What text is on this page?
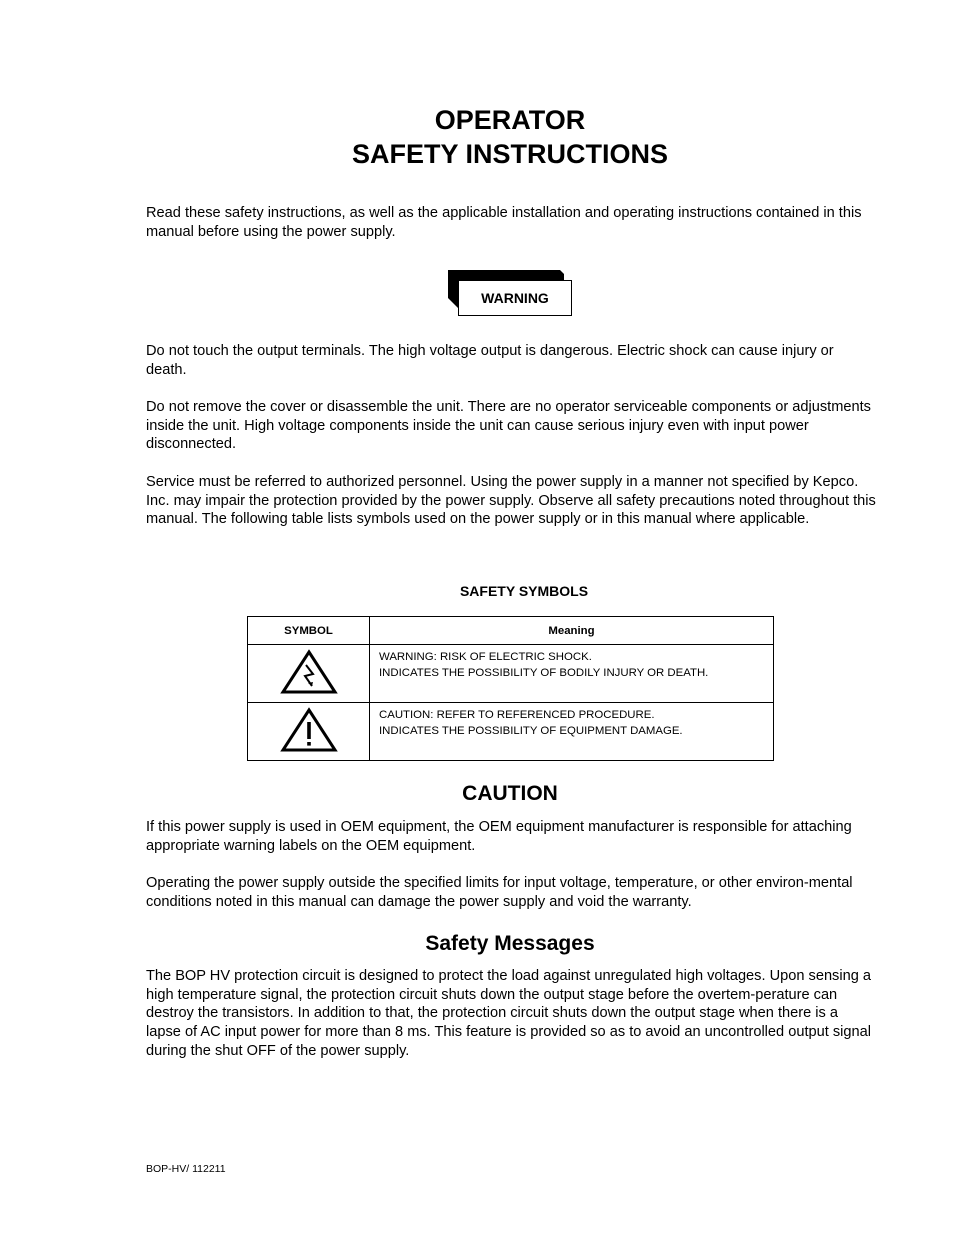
OPERATOR
SAFETY INSTRUCTIONS

Read these safety instructions, as well as the applicable installation and operating instructions contained in this manual before using the power supply.

WARNING

Do not touch the output terminals. The high voltage output is dangerous. Electric shock can cause injury or death.

Do not remove the cover or disassemble the unit. There are no operator serviceable components or adjustments inside the unit. High voltage components inside the unit can cause serious injury even with input power disconnected.

Service must be referred to authorized personnel. Using the power supply in a manner not specified by Kepco. Inc. may impair the protection provided by the power supply. Observe all safety precautions noted throughout this manual. The following table lists symbols used on the power supply or in this manual where applicable.

SAFETY SYMBOLS
SYMBOL	Meaning

WARNING: RISK OF ELECTRIC SHOCK.
INDICATES THE POSSIBILITY OF BODILY INJURY OR DEATH.

CAUTION: REFER TO REFERENCED PROCEDURE.
INDICATES THE POSSIBILITY OF EQUIPMENT DAMAGE.
CAUTION

If this power supply is used in OEM equipment, the OEM equipment manufacturer is responsible for attaching appropriate warning labels on the OEM equipment.

Operating the power supply outside the specified limits for input voltage, temperature, or other environ-mental conditions noted in this manual can damage the power supply and void the warranty.

Safety Messages

The BOP HV protection circuit is designed to protect the load against unregulated high voltages. Upon sensing a high temperature signal, the protection circuit shuts down the output stage before the overtem-perature can destroy the transistors. In addition to that, the protection circuit shuts down the output stage when there is a lapse of AC input power for more than 8 ms. This feature is provided so as to avoid an uncontrolled output signal during the shut OFF of the power supply.

BOP-HV/ 112211
